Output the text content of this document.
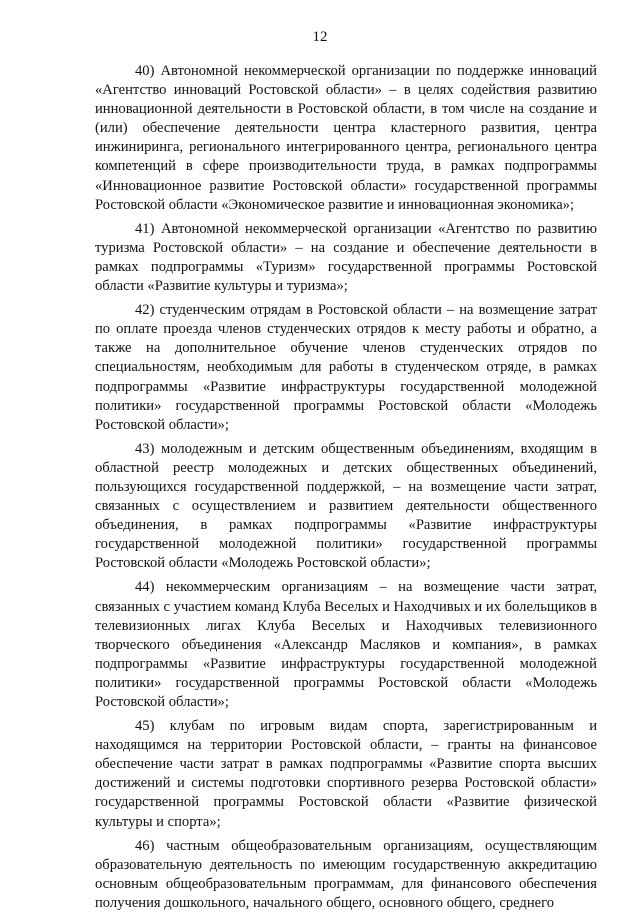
12

40) Автономной некоммерческой организации по поддержке инноваций «Агентство инноваций Ростовской области» – в целях содействия развитию инновационной деятельности в Ростовской области, в том числе на создание и (или) обеспечение деятельности центра кластерного развития, центра инжиниринга, регионального интегрированного центра, регионального центра компетенций в сфере производительности труда, в рамках подпрограммы «Инновационное развитие Ростовской области» государственной программы Ростовской области «Экономическое развитие и инновационная экономика»;

41) Автономной некоммерческой организации «Агентство по развитию туризма Ростовской области» – на создание и обеспечение деятельности в рамках подпрограммы «Туризм» государственной программы Ростовской области «Развитие культуры и туризма»;

42) студенческим отрядам в Ростовской области – на возмещение затрат по оплате проезда членов студенческих отрядов к месту работы и обратно, а также на дополнительное обучение членов студенческих отрядов по специальностям, необходимым для работы в студенческом отряде, в рамках подпрограммы «Развитие инфраструктуры государственной молодежной политики» государственной программы Ростовской области «Молодежь Ростовской области»;

43) молодежным и детским общественным объединениям, входящим в областной реестр молодежных и детских общественных объединений, пользующихся государственной поддержкой, – на возмещение части затрат, связанных с осуществлением и развитием деятельности общественного объединения, в рамках подпрограммы «Развитие инфраструктуры государственной молодежной политики» государственной программы Ростовской области «Молодежь Ростовской области»;

44) некоммерческим организациям – на возмещение части затрат, связанных с участием команд Клуба Веселых и Находчивых и их болельщиков в телевизионных лигах Клуба Веселых и Находчивых телевизионного творческого объединения «Александр Масляков и компания», в рамках подпрограммы «Развитие инфраструктуры государственной молодежной политики» государственной программы Ростовской области «Молодежь Ростовской области»;

45) клубам по игровым видам спорта, зарегистрированным и находящимся на территории Ростовской области, – гранты на финансовое обеспечение части затрат в рамках подпрограммы «Развитие спорта высших достижений и системы подготовки спортивного резерва Ростовской области» государственной программы Ростовской области «Развитие физической культуры и спорта»;

46) частным общеобразовательным организациям, осуществляющим образовательную деятельность по имеющим государственную аккредитацию основным общеобразовательным программам, для финансового обеспечения получения дошкольного, начального общего, основного общего, среднего
